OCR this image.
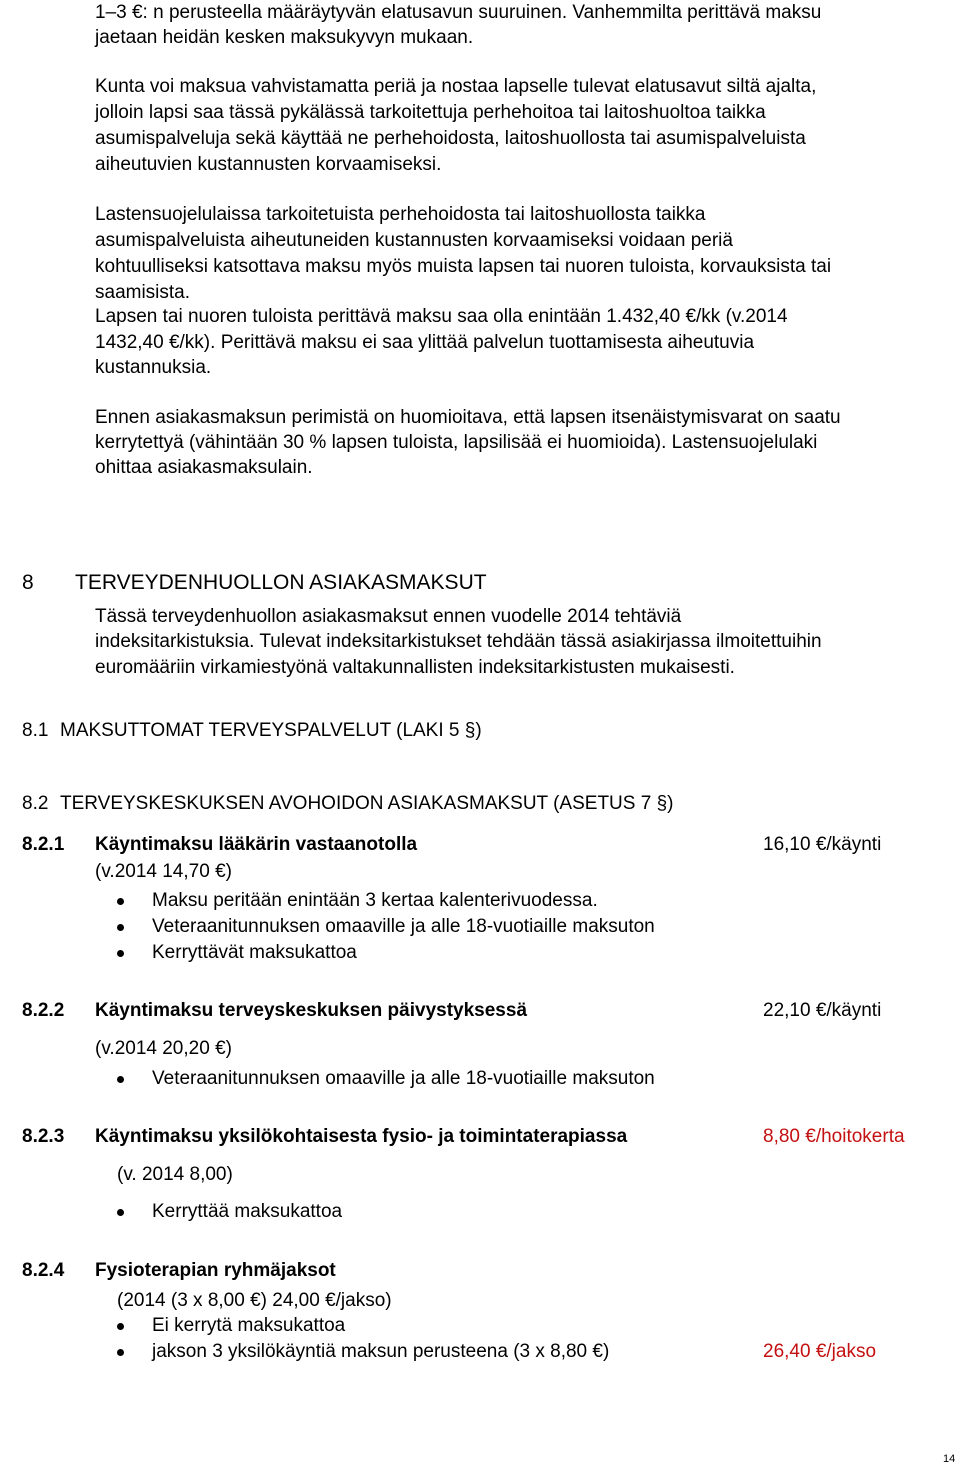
1–3 €: n perusteella määräytyvän elatusavun suuruinen. Vanhemmilta perittävä maksu
jaetaan heidän kesken maksukyvyn mukaan.
Kunta voi maksua vahvistamatta periä ja nostaa lapselle tulevat elatusavut siltä ajalta,
jolloin lapsi saa tässä pykälässä tarkoitettuja perhehoitoa tai laitoshuoltoa taikka
asumispalveluja sekä käyttää ne perhehoidosta, laitoshuollosta tai asumispalveluista
aiheutuvien kustannusten korvaamiseksi.
Lastensuojelulaissa tarkoitetuista perhehoidosta tai laitoshuollosta taikka
asumispalveluista aiheutuneiden kustannusten korvaamiseksi voidaan periä
kohtuulliseksi katsottava maksu myös muista lapsen tai nuoren tuloista, korvauksista tai
saamisista.
Lapsen tai nuoren tuloista perittävä maksu saa olla enintään 1.432,40 €/kk (v.2014
1432,40 €/kk). Perittävä maksu ei saa ylittää palvelun tuottamisesta aiheutuvia
kustannuksia.
Ennen asiakasmaksun perimistä on huomioitava, että lapsen itsenäistymisvarat on saatu
kerrytettyä (vähintään 30 % lapsen tuloista, lapsilisää ei huomioida). Lastensuojelulaki
ohittaa asiakasmaksulain.
8 TERVEYDENHUOLLON ASIAKASMAKSUT
Tässä terveydenhuollon asiakasmaksut ennen vuodelle 2014 tehtäviä
indeksitarkistuksia. Tulevat indeksitarkistukset tehdään tässä asiakirjassa ilmoitettuihin
euromääriin virkamiestyönä valtakunnallisten indeksitarkistusten mukaisesti.
8.1 MAKSUTTOMAT TERVEYSPALVELUT (LAKI 5 §)
8.2 TERVEYSKESKUKSEN AVOHOIDON ASIAKASMAKSUT (ASETUS 7 §)
8.2.1 Käyntimaksu lääkärin vastaanotolla	16,10 €/käynti
(v.2014 14,70 €)
Maksu peritään enintään 3 kertaa kalenterivuodessa.
Veteraanitunnuksen omaaville ja alle 18-vuotiaille maksuton
Kerryttävät maksukattoa
8.2.2 Käyntimaksu terveyskeskuksen päivystyksessä	22,10 €/käynti
(v.2014 20,20 €)
Veteraanitunnuksen omaaville ja alle 18-vuotiaille maksuton
8.2.3 Käyntimaksu yksilökohtaisesta fysio- ja toimintaterapiassa	8,80 €/hoitokerta
(v. 2014 8,00)
Kerryttää maksukattoa
8.2.4 Fysioterapian ryhmäjaksot
(2014 (3 x 8,00 €) 24,00 €/jakso)
Ei kerrytä maksukattoa
jakson 3 yksilökäyntiä maksun perusteena (3 x 8,80 €)	26,40 €/jakso
14
